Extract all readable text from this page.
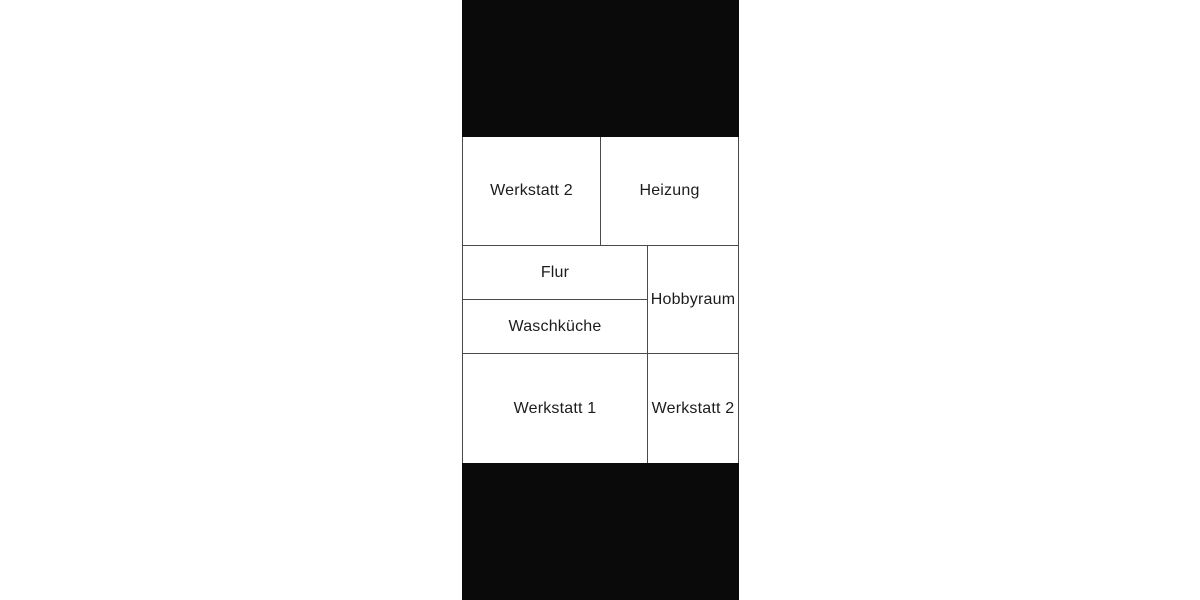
Werkstatt 2	Heizung
Flur
Waschküche
Hobbyraum
Werkstatt 1	Werkstatt 2
